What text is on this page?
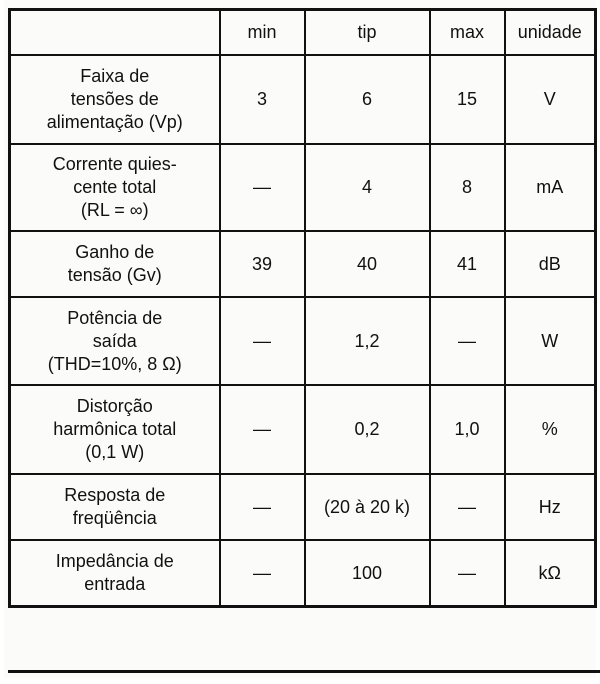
	min	tip	max	unidade
Faixa de
tensões de
alimentação (Vp)	3	6	15	V
Corrente quies-
cente total
(RL = ∞)	—	4	8	mA
Ganho de
tensão (Gv)	39	40	41	dB
Potência de
saída
(THD=10%, 8 Ω)	—	1,2	—	W
Distorção
harmônica total
(0,1 W)	—	0,2	1,0	%
Resposta de
freqüência	—	(20 à 20 k)	—	Hz
Impedância de
entrada	—	100	—	kΩ
